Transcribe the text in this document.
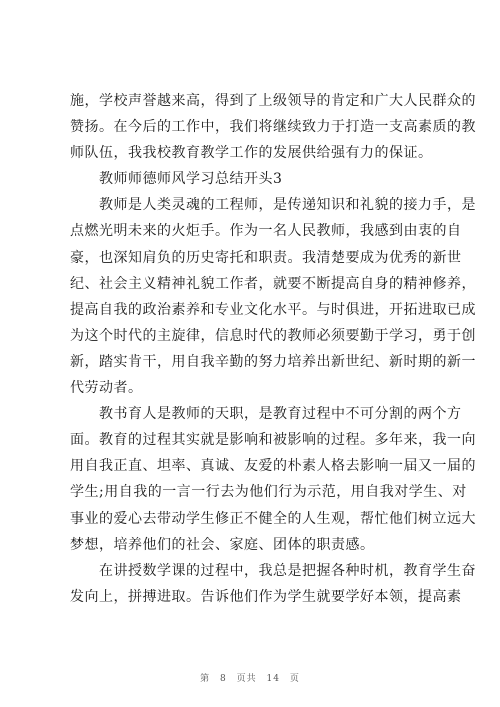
施，学校声誉越来高，得到了上级领导的肯定和广大人民群众的
赞扬。在今后的工作中，我们将继续致力于打造一支高素质的教
师队伍，我我校教育教学工作的发展供给强有力的保证。
　　教师师德师风学习总结开头3
　　教师是人类灵魂的工程师，是传递知识和礼貌的接力手，是
点燃光明未来的火炬手。作为一名人民教师，我感到由衷的自
豪，也深知肩负的历史寄托和职责。我清楚要成为优秀的新世
纪、社会主义精神礼貌工作者，就要不断提高自身的精神修养，
提高自我的政治素养和专业文化水平。与时俱进，开拓进取已成
为这个时代的主旋律，信息时代的教师必须要勤于学习，勇于创
新，踏实肯干，用自我辛勤的努力培养出新世纪、新时期的新一
代劳动者。
　　教书育人是教师的天职，是教育过程中不可分割的两个方
面。教育的过程其实就是影响和被影响的过程。多年来，我一向
用自我正直、坦率、真诚、友爱的朴素人格去影响一届又一届的
学生;用自我的一言一行去为他们行为示范，用自我对学生、对
事业的爱心去带动学生修正不健全的人生观，帮忙他们树立远大
梦想，培养他们的社会、家庭、团体的职责感。
　　在讲授数学课的过程中，我总是把握各种时机，教育学生奋
发向上，拼搏进取。告诉他们作为学生就要学好本领，提高素
第 8 页共 14 页
